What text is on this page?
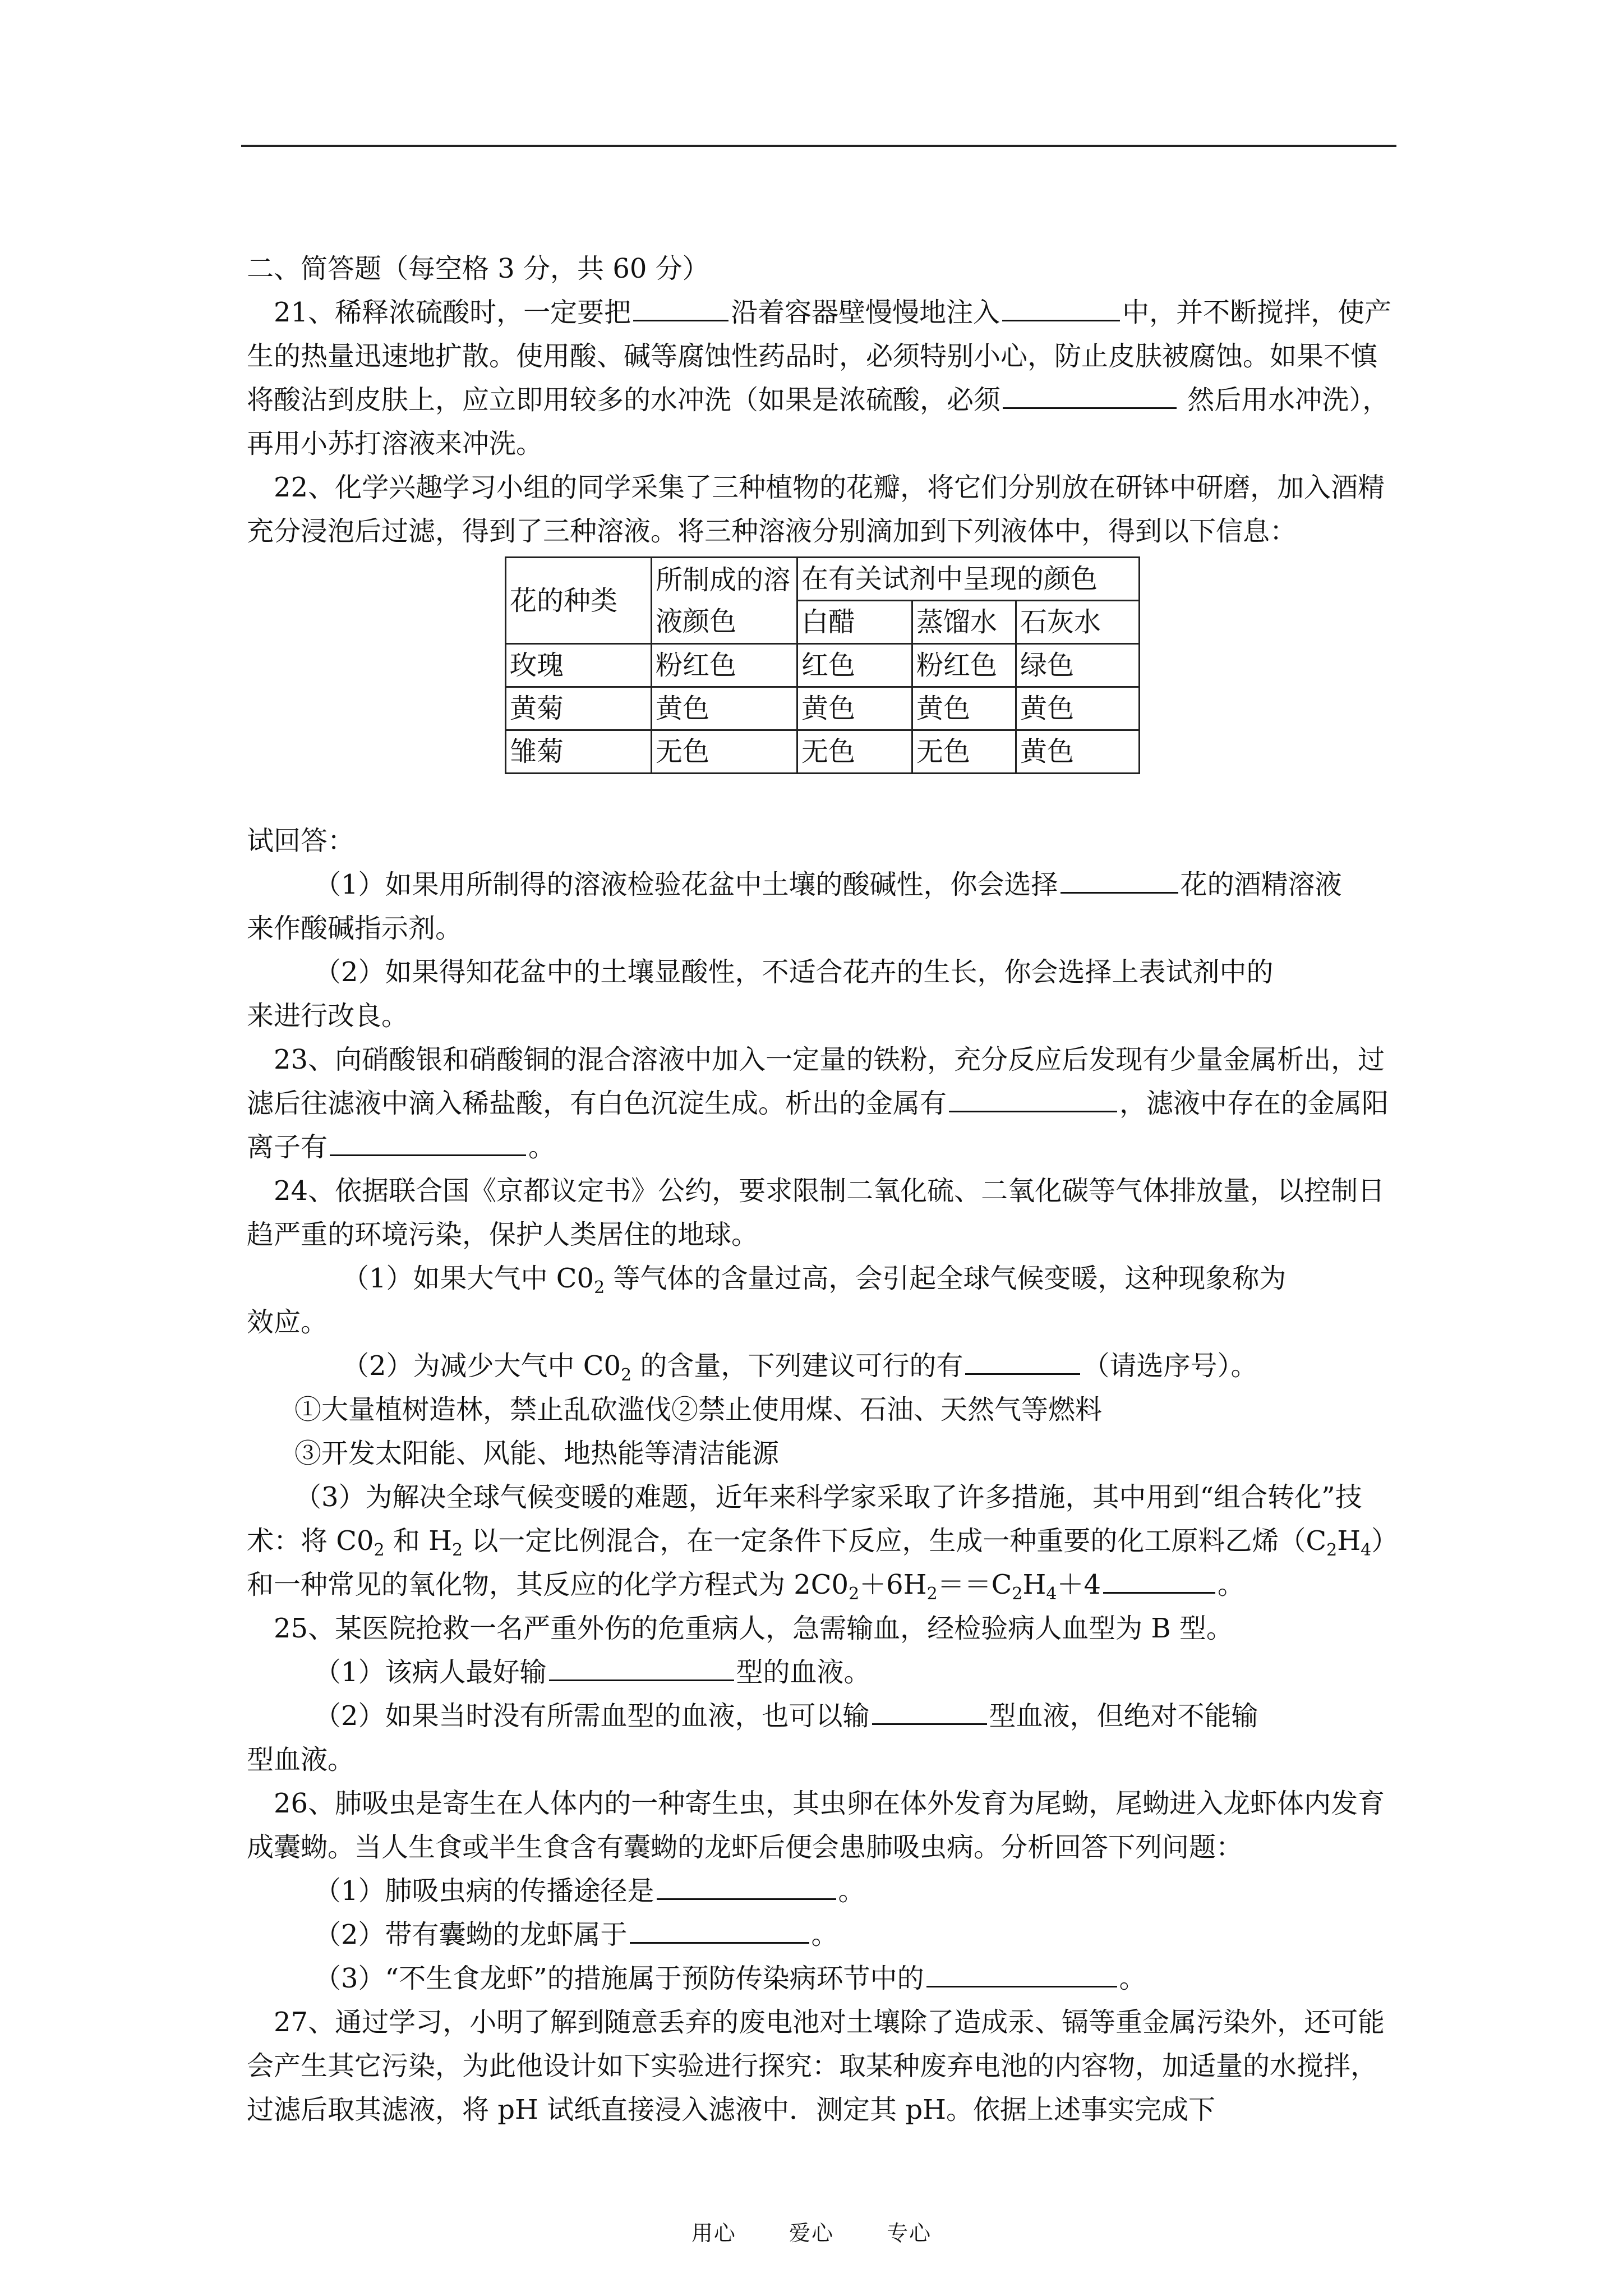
二、简答题（每空格 3 分，共 60 分）

21、稀释浓硫酸时，一定要把	沿着容器壁慢慢地注入	中，并不断搅拌，使产生的热量迅速地扩散。使用酸、碱等腐蚀性药品时，必须特别小心，防止皮肤被腐蚀。如果不慎将酸沾到皮肤上，应立即用较多的水冲洗（如果是浓硫酸，必须	然后用水冲洗），再用小苏打溶液来冲洗。

22、化学兴趣学习小组的同学采集了三种植物的花瓣，将它们分别放在研钵中研磨，加入酒精充分浸泡后过滤，得到了三种溶液。将三种溶液分别滴加到下列液体中，得到以下信息：

花的种类	所制成的溶液颜色	在有关试剂中呈现的颜色		
		白醋	蒸馏水	石灰水
玫瑰	粉红色	红色	粉红色	绿色
黄菊	黄色	黄色	黄色	黄色
雏菊	无色	无色	无色	黄色

试回答：

（1）如果用所制得的溶液检验花盆中土壤的酸碱性，你会选择	花的酒精溶液
来作酸碱指示剂。

（2）如果得知花盆中的土壤显酸性，不适合花卉的生长，你会选择上表试剂中的
来进行改良。

23、向硝酸银和硝酸铜的混合溶液中加入一定量的铁粉，充分反应后发现有少量金属析出，过滤后往滤液中滴入稀盐酸，有白色沉淀生成。析出的金属有	，滤液中存在的金属阳离子有	。

24、依据联合国《京都议定书》公约，要求限制二氧化硫、二氧化碳等气体排放量，以控制日趋严重的环境污染，保护人类居住的地球。

（1）如果大气中 $C0_2$ 等气体的含量过高，会引起全球气候变暖，这种现象称为
效应。

（2）为减少大气中 $C0_2$ 的含量，下列建议可行的有	（请选序号）。

①大量植树造林，禁止乱砍滥伐②禁止使用煤、石油、天然气等燃料

③开发太阳能、风能、地热能等清洁能源

（3）为解决全球气候变暖的难题，近年来科学家采取了许多措施，其中用到“组合转化”技术：将 $C0_2$ 和 $H_2$ 以一定比例混合，在一定条件下反应，生成一种重要的化工原料乙烯$(C_2H_4)$和一种常见的氧化物，其反应的化学方程式为 $2C0_2+6H_2==C_2H_4+4$	。

25、某医院抢救一名严重外伤的危重病人，急需输血，经检验病人血型为 B 型。

（1）该病人最好输	型的血液。

（2）如果当时没有所需血型的血液，也可以输	型血液，但绝对不能输
型血液。

26、肺吸虫是寄生在人体内的一种寄生虫，其虫卵在体外发育为尾蚴，尾蚴进入龙虾体内发育成囊蚴。当人生食或半生食含有囊蚴的龙虾后便会患肺吸虫病。分析回答下列问题：

（1）肺吸虫病的传播途径是	。

（2）带有囊蚴的龙虾属于	。

（3）“不生食龙虾”的措施属于预防传染病环节中的	。

27、通过学习，小明了解到随意丢弃的废电池对土壤除了造成汞、镉等重金属污染外，还可能会产生其它污染，为此他设计如下实验进行探究：取某种废弃电池的内容物，加适量的水搅拌，过滤后取其滤液，将 pH 试纸直接浸入滤液中．测定其 pH。依据上述事实完成下

用心 爱心 专心
